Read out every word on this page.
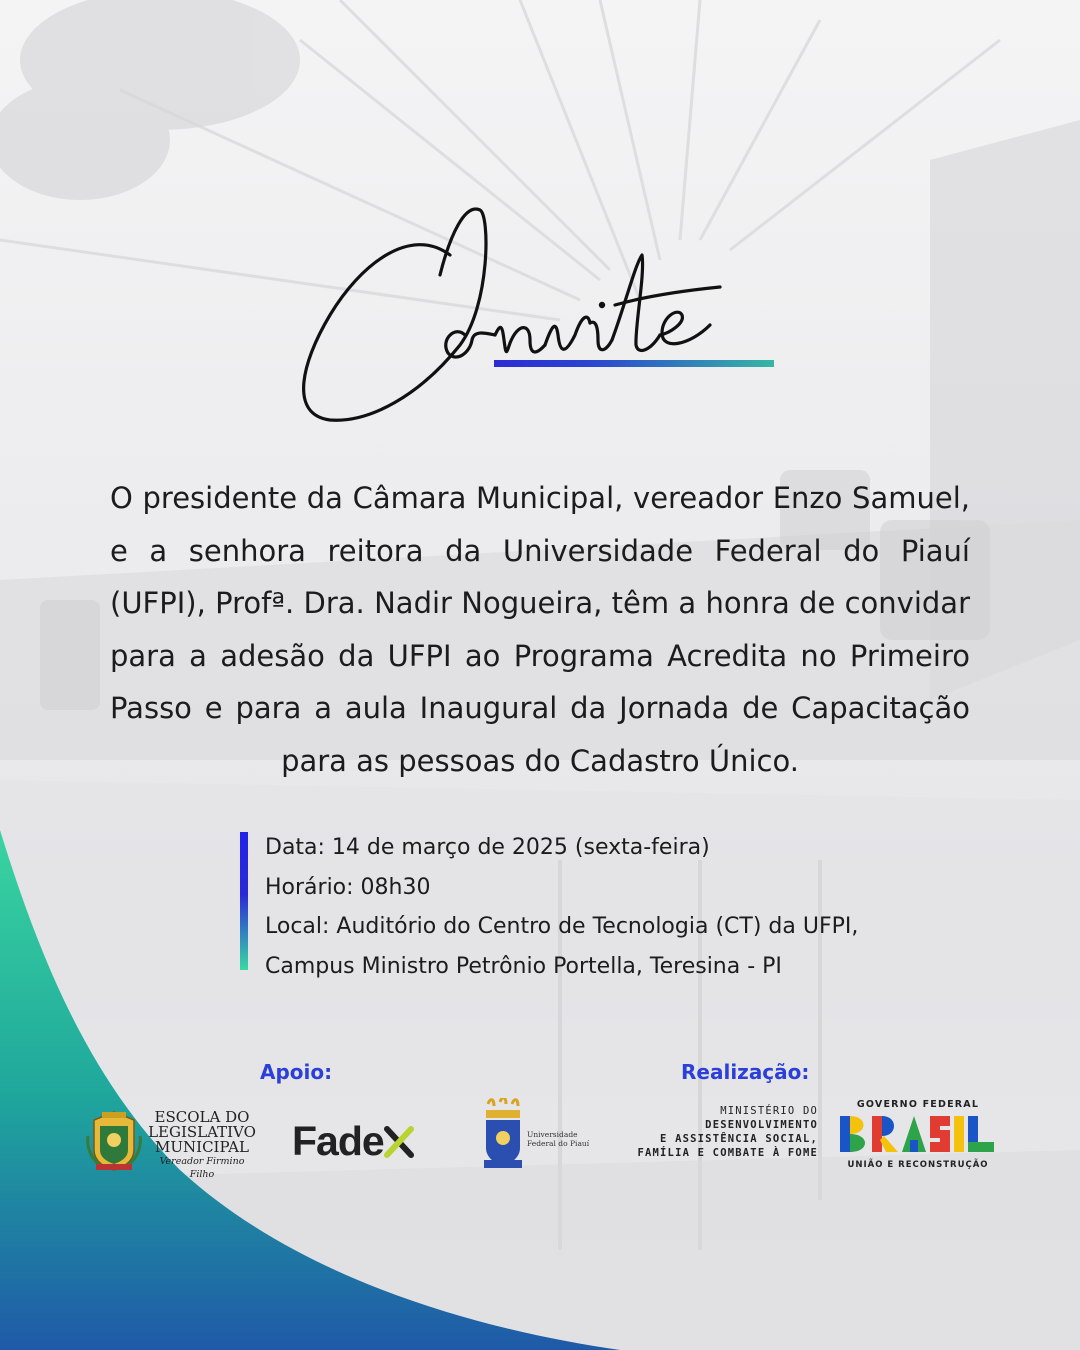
O presidente da Câmara Municipal, vereador Enzo Samuel, e a senhora reitora da Universidade Federal do Piauí (UFPI), Profª. Dra. Nadir Nogueira, têm a honra de convidar para a adesão da UFPI ao Programa Acredita no Primeiro Passo e para a aula Inaugural da Jornada de Capacitação para as pessoas do Cadastro Único.
Data: 14 de março de 2025 (sexta-feira)
Horário: 08h30
Local: Auditório do Centro de Tecnologia (CT) da UFPI,
Campus Ministro Petrônio Portella, Teresina - PI
Apoio:	Realização:
ESCOLA DO
LEGISLATIVO
MUNICIPAL
Vereador Firmino Filho
Fade	Universidade
Federal do Piauí
MINISTÉRIO DO
DESENVOLVIMENTO
E ASSISTÊNCIA SOCIAL,
FAMÍLIA E COMBATE À FOME
GOVERNO FEDERAL
UNIÃO E RECONSTRUÇÃO
